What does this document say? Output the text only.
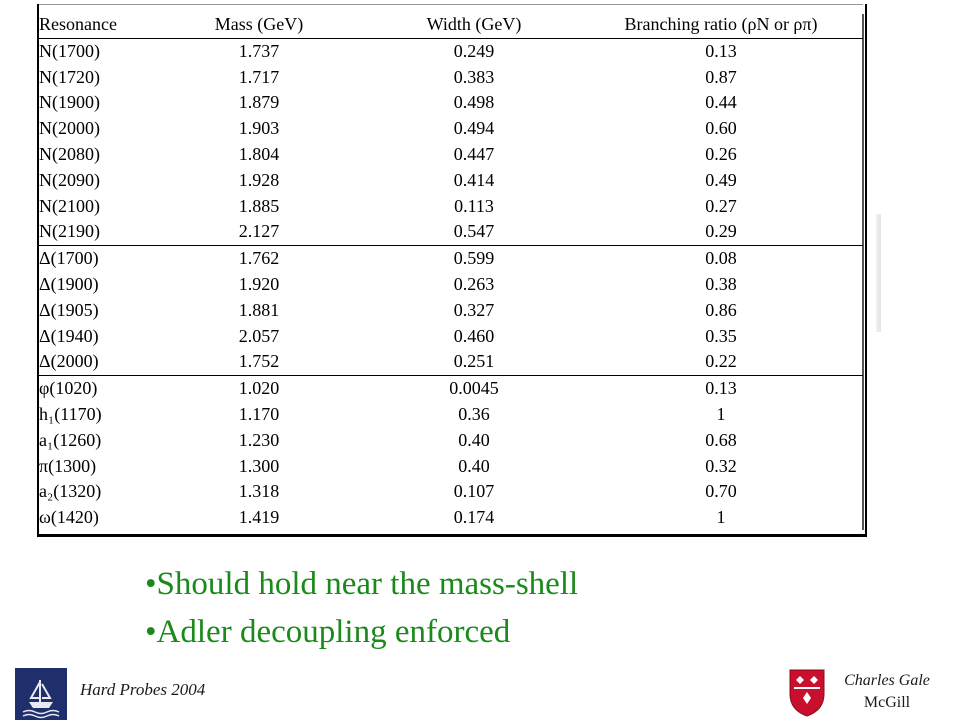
Resonance	Mass (GeV)	Width (GeV)	Branching ratio (ρN or ρπ)
N(1700)	1.737	0.249	0.13
N(1720)	1.717	0.383	0.87
N(1900)	1.879	0.498	0.44
N(2000)	1.903	0.494	0.60
N(2080)	1.804	0.447	0.26
N(2090)	1.928	0.414	0.49
N(2100)	1.885	0.113	0.27
N(2190)	2.127	0.547	0.29
Δ(1700)	1.762	0.599	0.08
Δ(1900)	1.920	0.263	0.38
Δ(1905)	1.881	0.327	0.86
Δ(1940)	2.057	0.460	0.35
Δ(2000)	1.752	0.251	0.22
φ(1020)	1.020	0.0045	0.13
h₁(1170)	1.170	0.36	1
a₁(1260)	1.230	0.40	0.68
π(1300)	1.300	0.40	0.32
a₂(1320)	1.318	0.107	0.70
ω(1420)	1.419	0.174	1
•Should hold near the mass-shell
•Adler decoupling enforced
Hard Probes 2004	Charles Gale
McGill
